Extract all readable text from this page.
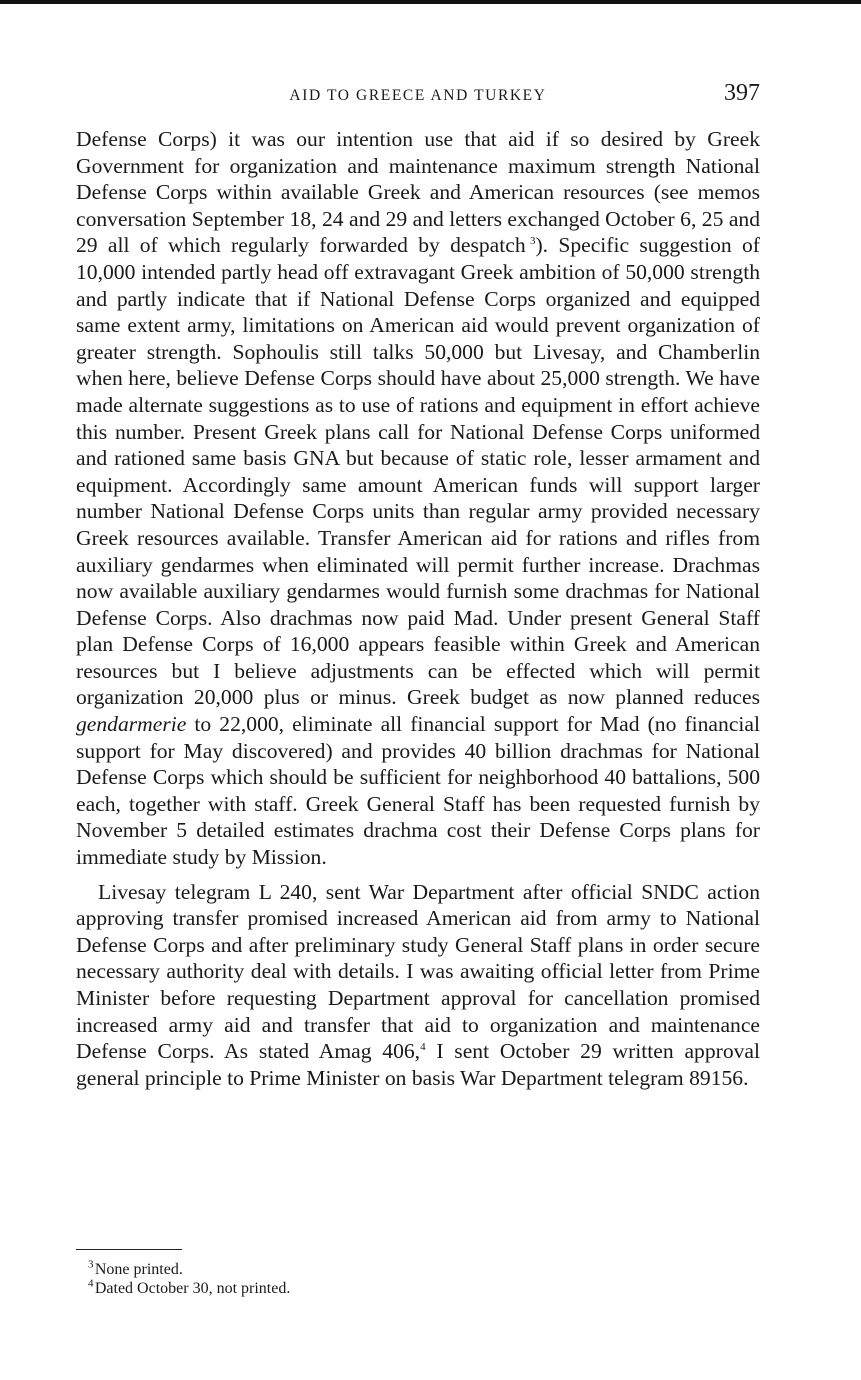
AID TO GREECE AND TURKEY	397

Defense Corps) it was our intention use that aid if so desired by Greek Government for organization and maintenance maximum strength National Defense Corps within available Greek and American resources (see memos conversation September 18, 24 and 29 and letters exchanged October 6, 25 and 29 all of which regularly forwarded by despatch  $^3$). Specific suggestion of 10,000 intended partly head off extravagant Greek ambition of 50,000 strength and partly indicate that if National Defense Corps organized and equipped same extent army, limitations on American aid would prevent organization of greater strength. Sophoulis still talks 50,000 but Livesay, and Chamberlin when here, believe Defense Corps should have about 25,000 strength. We have made alternate suggestions as to use of rations and equipment in effort achieve this number. Present Greek plans call for National Defense Corps uniformed and rationed same basis GNA but because of static role, lesser armament and equipment. Accordingly same amount American funds will support larger number National Defense Corps units than regular army provided necessary Greek resources available. Transfer American aid for rations and rifles from auxiliary gendarmes when eliminated will permit further increase. Drachmas now available auxiliary gendarmes would furnish some drachmas for National Defense Corps. Also drachmas now paid Mad. Under present General Staff plan Defense Corps of 16,000 appears feasible within Greek and American resources but I believe adjustments can be effected which will permit organization 20,000 plus or minus. Greek budget as now planned reduces gendarmerie to 22,000, eliminate all financial support for Mad (no financial support for May discovered) and provides 40 billion drachmas for National Defense Corps which should be sufficient for neighborhood 40 battalions, 500 each, together with staff. Greek General Staff has been requested furnish by November 5 detailed estimates drachma cost their Defense Corps plans for immediate study by Mission.

Livesay telegram L 240, sent War Department after official SNDC action approving transfer promised increased American aid from army to National Defense Corps and after preliminary study General Staff plans in order secure necessary authority deal with details. I was awaiting official letter from Prime Minister before requesting Department approval for cancellation promised increased army aid and transfer that aid to organization and maintenance Defense Corps. As stated Amag 406,$^4$ I sent October 29 written approval general principle to Prime Minister on basis War Department telegram 89156.

$^3$ None printed.

$^4$ Dated October 30, not printed.
